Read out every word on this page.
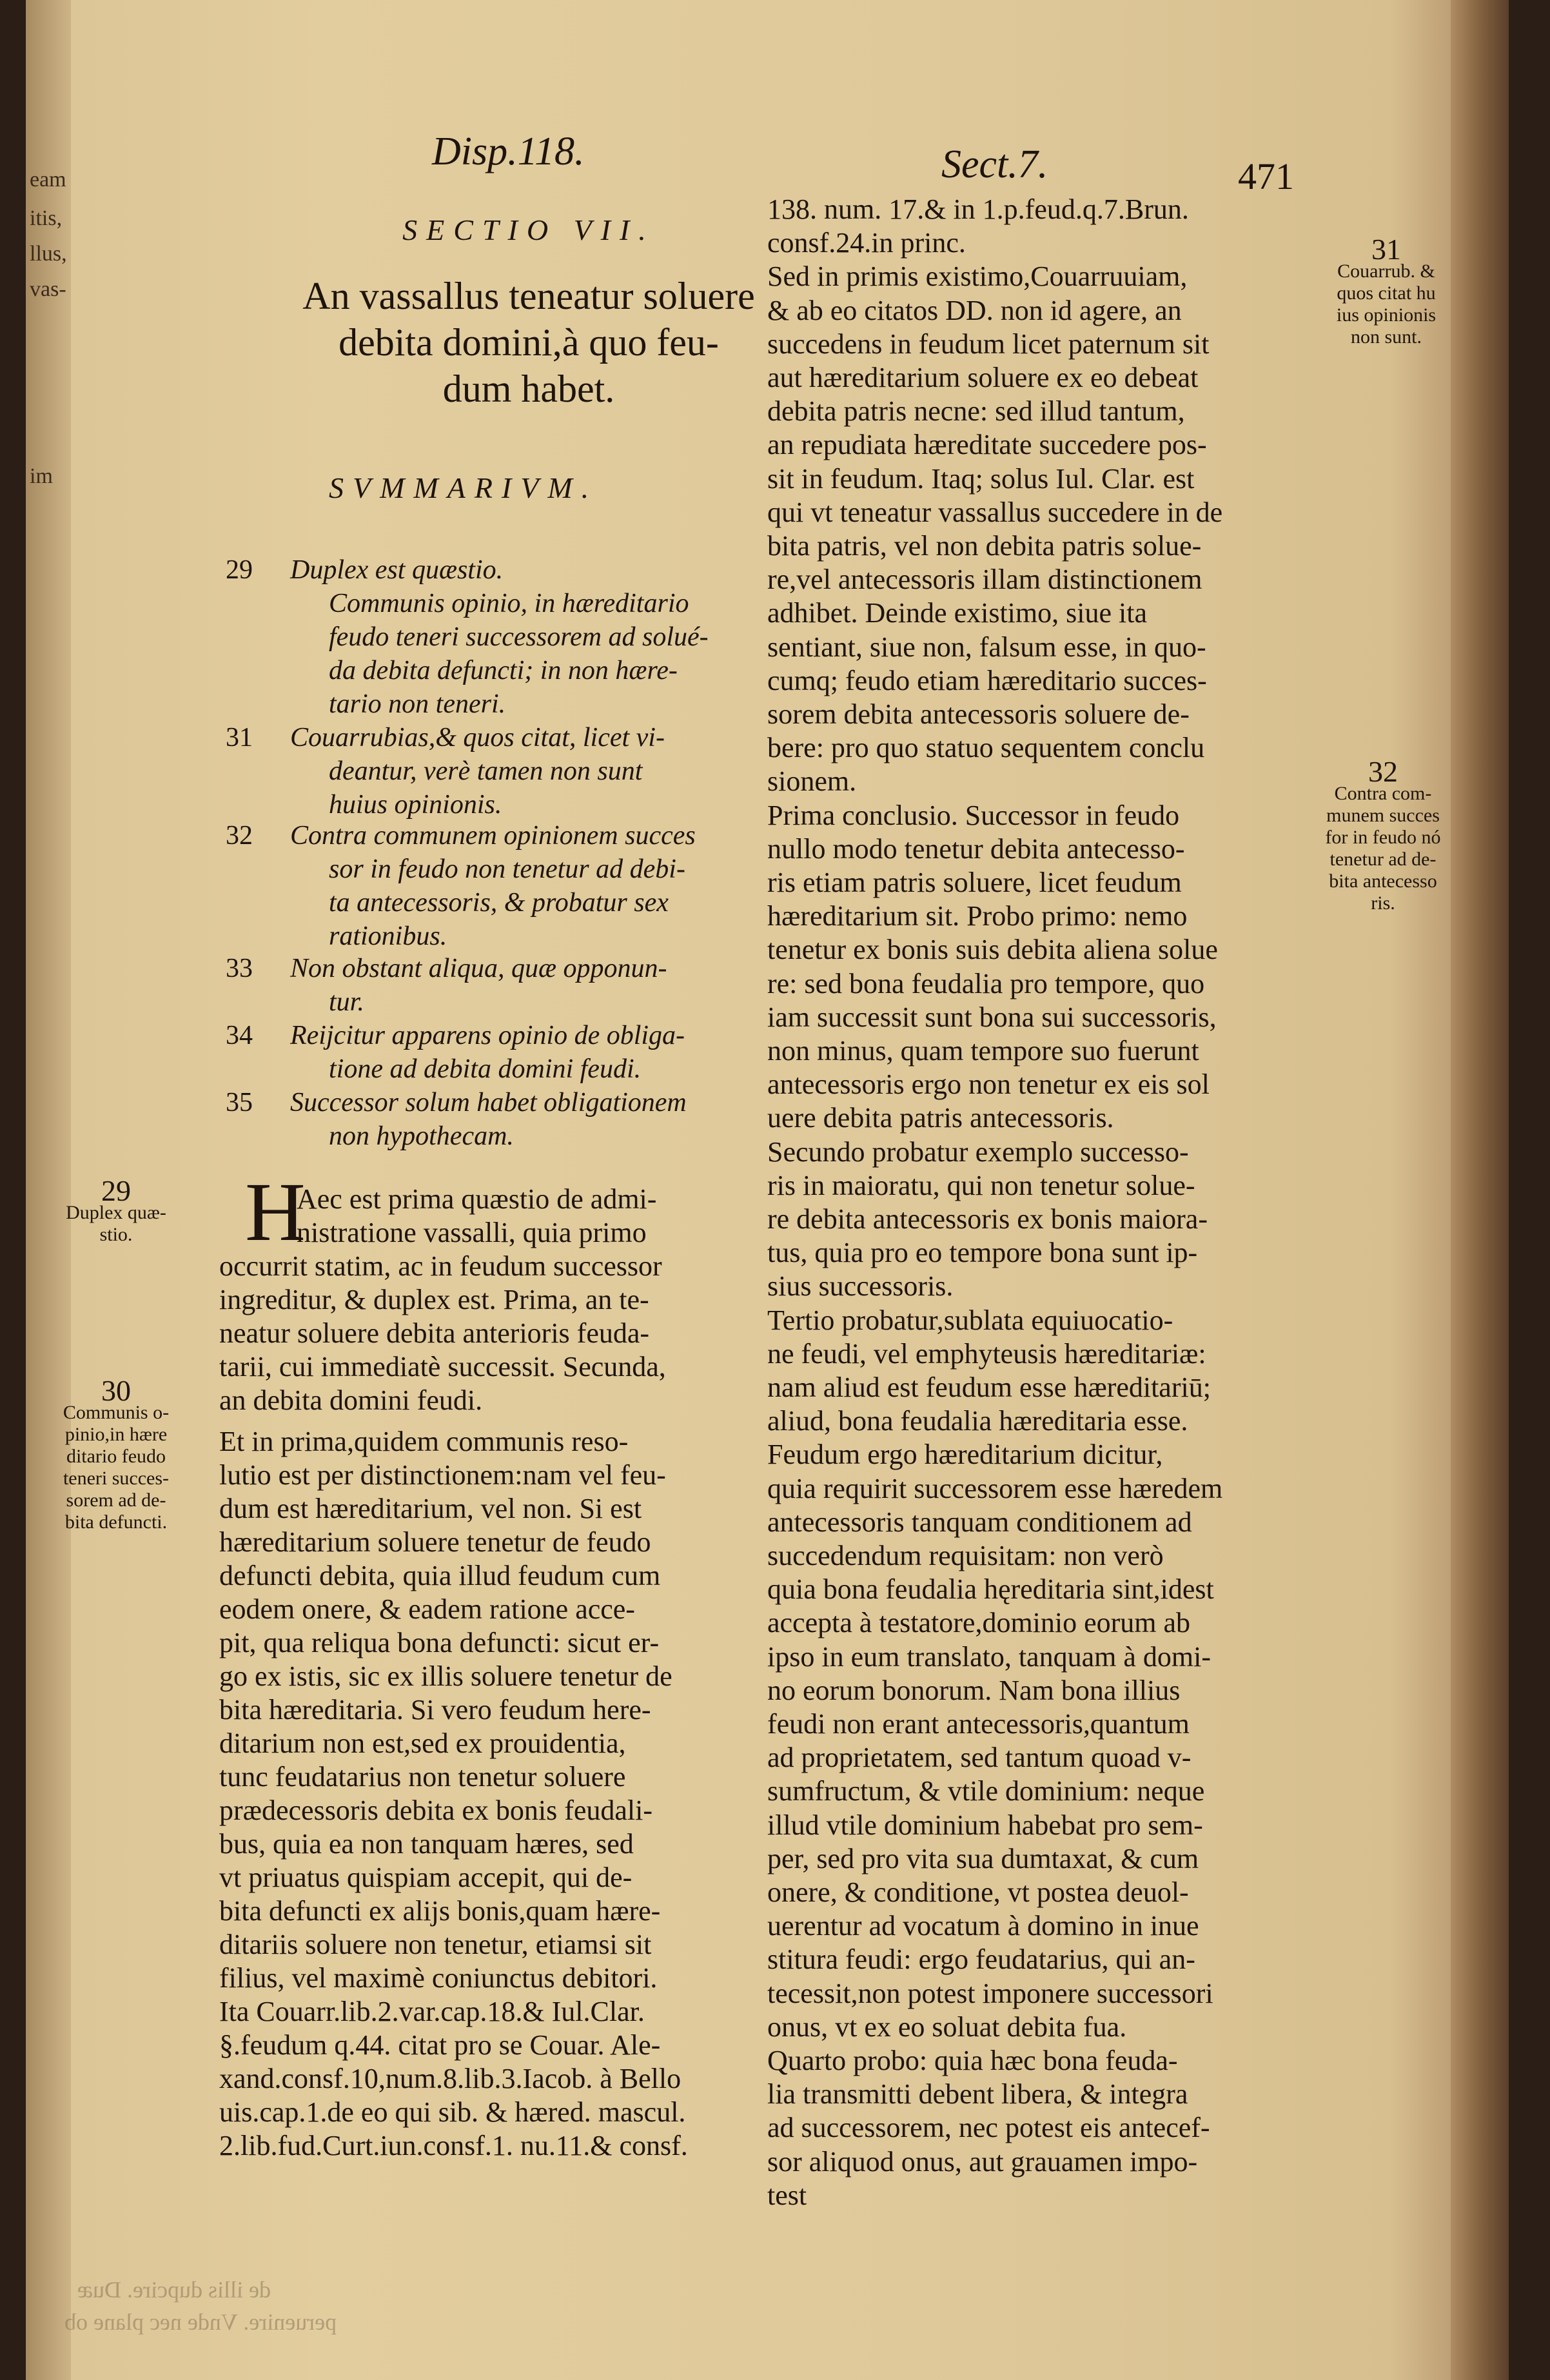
eam
itis,
llus,
vas-
im
Disp.118.	Sect.7.	471
SECTIO VII.
An vassallus teneatur soluere
debita domini,à quo feu-
dum habet.
SVMMARIVM.
29 Duplex est quæstio.
Communis opinio, in hæreditario
feudo teneri successorem ad solué-
da debita defuncti; in non hære-
tario non teneri.
31 Couarrubias,& quos citat, licet vi-
deantur, verè tamen non sunt
huius opinionis.
32 Contra communem opinionem succes
sor in feudo non tenetur ad debi-
ta antecessoris, & probatur sex
rationibus.
33 Non obstant aliqua, quæ opponun-
tur.
34 Reijcitur apparens opinio de obliga-
tione ad debita domini feudi.
35 Successor solum habet obligationem
non hypothecam.
29
Duplex quæ-
stio.
30
Communis o-
pinio,in hære
ditario feudo
teneri succes-
sorem ad de-
bita defuncti.
31
Couarrub. &
quos citat hu
ius opinionis
non sunt.
32
Contra com-
munem succes
for in feudo nó
tenetur ad de-
bita antecesso
ris.
H
Aec est prima quæstio de admi-
nistratione vassalli, quia primo
occurrit statim, ac in feudum successor
ingreditur, & duplex est. Prima, an te-
neatur soluere debita anterioris feuda-
tarii, cui immediatè successit. Secunda,
an debita domini feudi.
Et in prima,quidem communis reso-
lutio est per distinctionem:nam vel feu-
dum est hæreditarium, vel non. Si est
hæreditarium soluere tenetur de feudo
defuncti debita, quia illud feudum cum
eodem onere, & eadem ratione acce-
pit, qua reliqua bona defuncti: sicut er-
go ex istis, sic ex illis soluere tenetur de
bita hæreditaria. Si vero feudum here-
ditarium non est,sed ex prouidentia,
tunc feudatarius non tenetur soluere
prædecessoris debita ex bonis feudali-
bus, quia ea non tanquam hæres, sed
vt priuatus quispiam accepit, qui de-
bita defuncti ex alijs bonis,quam hære-
ditariis soluere non tenetur, etiamsi sit
filius, vel maximè coniunctus debitori.
Ita Couarr.lib.2.var.cap.18.& Iul.Clar.
§.feudum q.44. citat pro se Couar. Ale-
xand.consf.10,num.8.lib.3.Iacob. à Bello
uis.cap.1.de eo qui sib. & hæred. mascul.
2.lib.fud.Curt.iun.consf.1. nu.11.& consf.
138. num. 17.& in 1.p.feud.q.7.Brun.
consf.24.in princ.
Sed in primis existimo,Couarruuiam,
& ab eo citatos DD. non id agere, an
succedens in feudum licet paternum sit
aut hæreditarium soluere ex eo debeat
debita patris necne: sed illud tantum,
an repudiata hæreditate succedere pos-
sit in feudum. Itaq; solus Iul. Clar. est
qui vt teneatur vassallus succedere in de
bita patris, vel non debita patris solue-
re,vel antecessoris illam distinctionem
adhibet. Deinde existimo, siue ita
sentiant, siue non, falsum esse, in quo-
cumq; feudo etiam hæreditario succes-
sorem debita antecessoris soluere de-
bere: pro quo statuo sequentem conclu
sionem.
Prima conclusio. Successor in feudo
nullo modo tenetur debita antecesso-
ris etiam patris soluere, licet feudum
hæreditarium sit. Probo primo: nemo
tenetur ex bonis suis debita aliena solue
re: sed bona feudalia pro tempore, quo
iam successit sunt bona sui successoris,
non minus, quam tempore suo fuerunt
antecessoris ergo non tenetur ex eis sol
uere debita patris antecessoris.
Secundo probatur exemplo successo-
ris in maioratu, qui non tenetur solue-
re debita antecessoris ex bonis maiora-
tus, quia pro eo tempore bona sunt ip-
sius successoris.
Tertio probatur,sublata equiuocatio-
ne feudi, vel emphyteusis hæreditariæ:
nam aliud est feudum esse hæreditariū;
aliud, bona feudalia hæreditaria esse.
Feudum ergo hæreditarium dicitur,
quia requirit successorem esse hæredem
antecessoris tanquam conditionem ad
succedendum requisitam: non verò
quia bona feudalia hęreditaria sint,idest
accepta à testatore,dominio eorum ab
ipso in eum translato, tanquam à domi-
no eorum bonorum. Nam bona illius
feudi non erant antecessoris,quantum
ad proprietatem, sed tantum quoad v-
sumfructum, & vtile dominium: neque
illud vtile dominium habebat pro sem-
per, sed pro vita sua dumtaxat, & cum
onere, & conditione, vt postea deuol-
uerentur ad vocatum à domino in inue
stitura feudi: ergo feudatarius, qui an-
tecessit,non potest imponere successori
onus, vt ex eo soluat debita fua.
Quarto probo: quia hæc bona feuda-
lia transmitti debent libera, & integra
ad successorem, nec potest eis antecef-
sor aliquod onus, aut grauamen impo-
test
de illis dupcire. Duæ
peruenire. Vnde nec plane ob
